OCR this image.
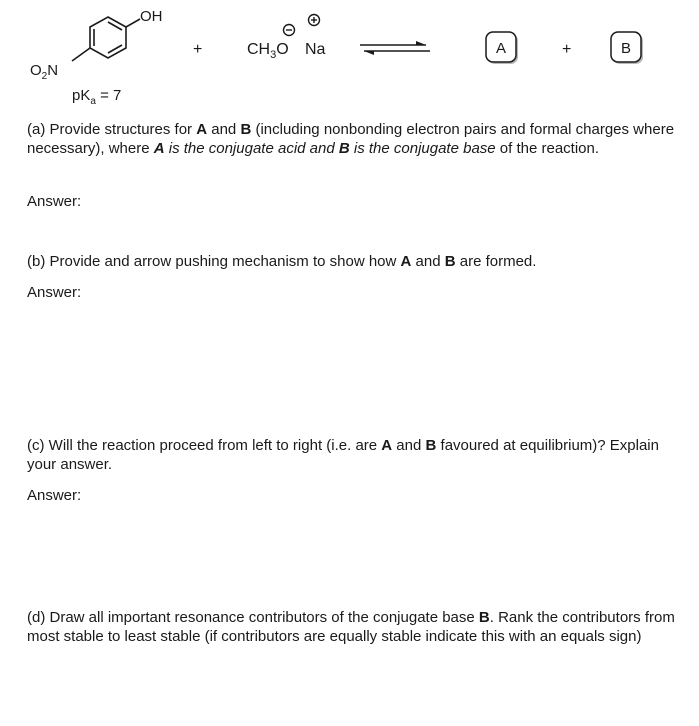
OH
$O_2N$
$pK_a = 7$
+	$CH_3O$ Na	A	+	B

(a) Provide structures for A and B (including nonbonding electron pairs and formal charges where necessary), where A is the conjugate acid and B is the conjugate base of the reaction.

Answer:

(b) Provide and arrow pushing mechanism to show how A and B are formed.

Answer:

(c) Will the reaction proceed from left to right (i.e. are A and B favoured at equilibrium)? Explain your answer.

Answer:

(d) Draw all important resonance contributors of the conjugate base B. Rank the contributors from most stable to least stable (if contributors are equally stable indicate this with an equals sign)
